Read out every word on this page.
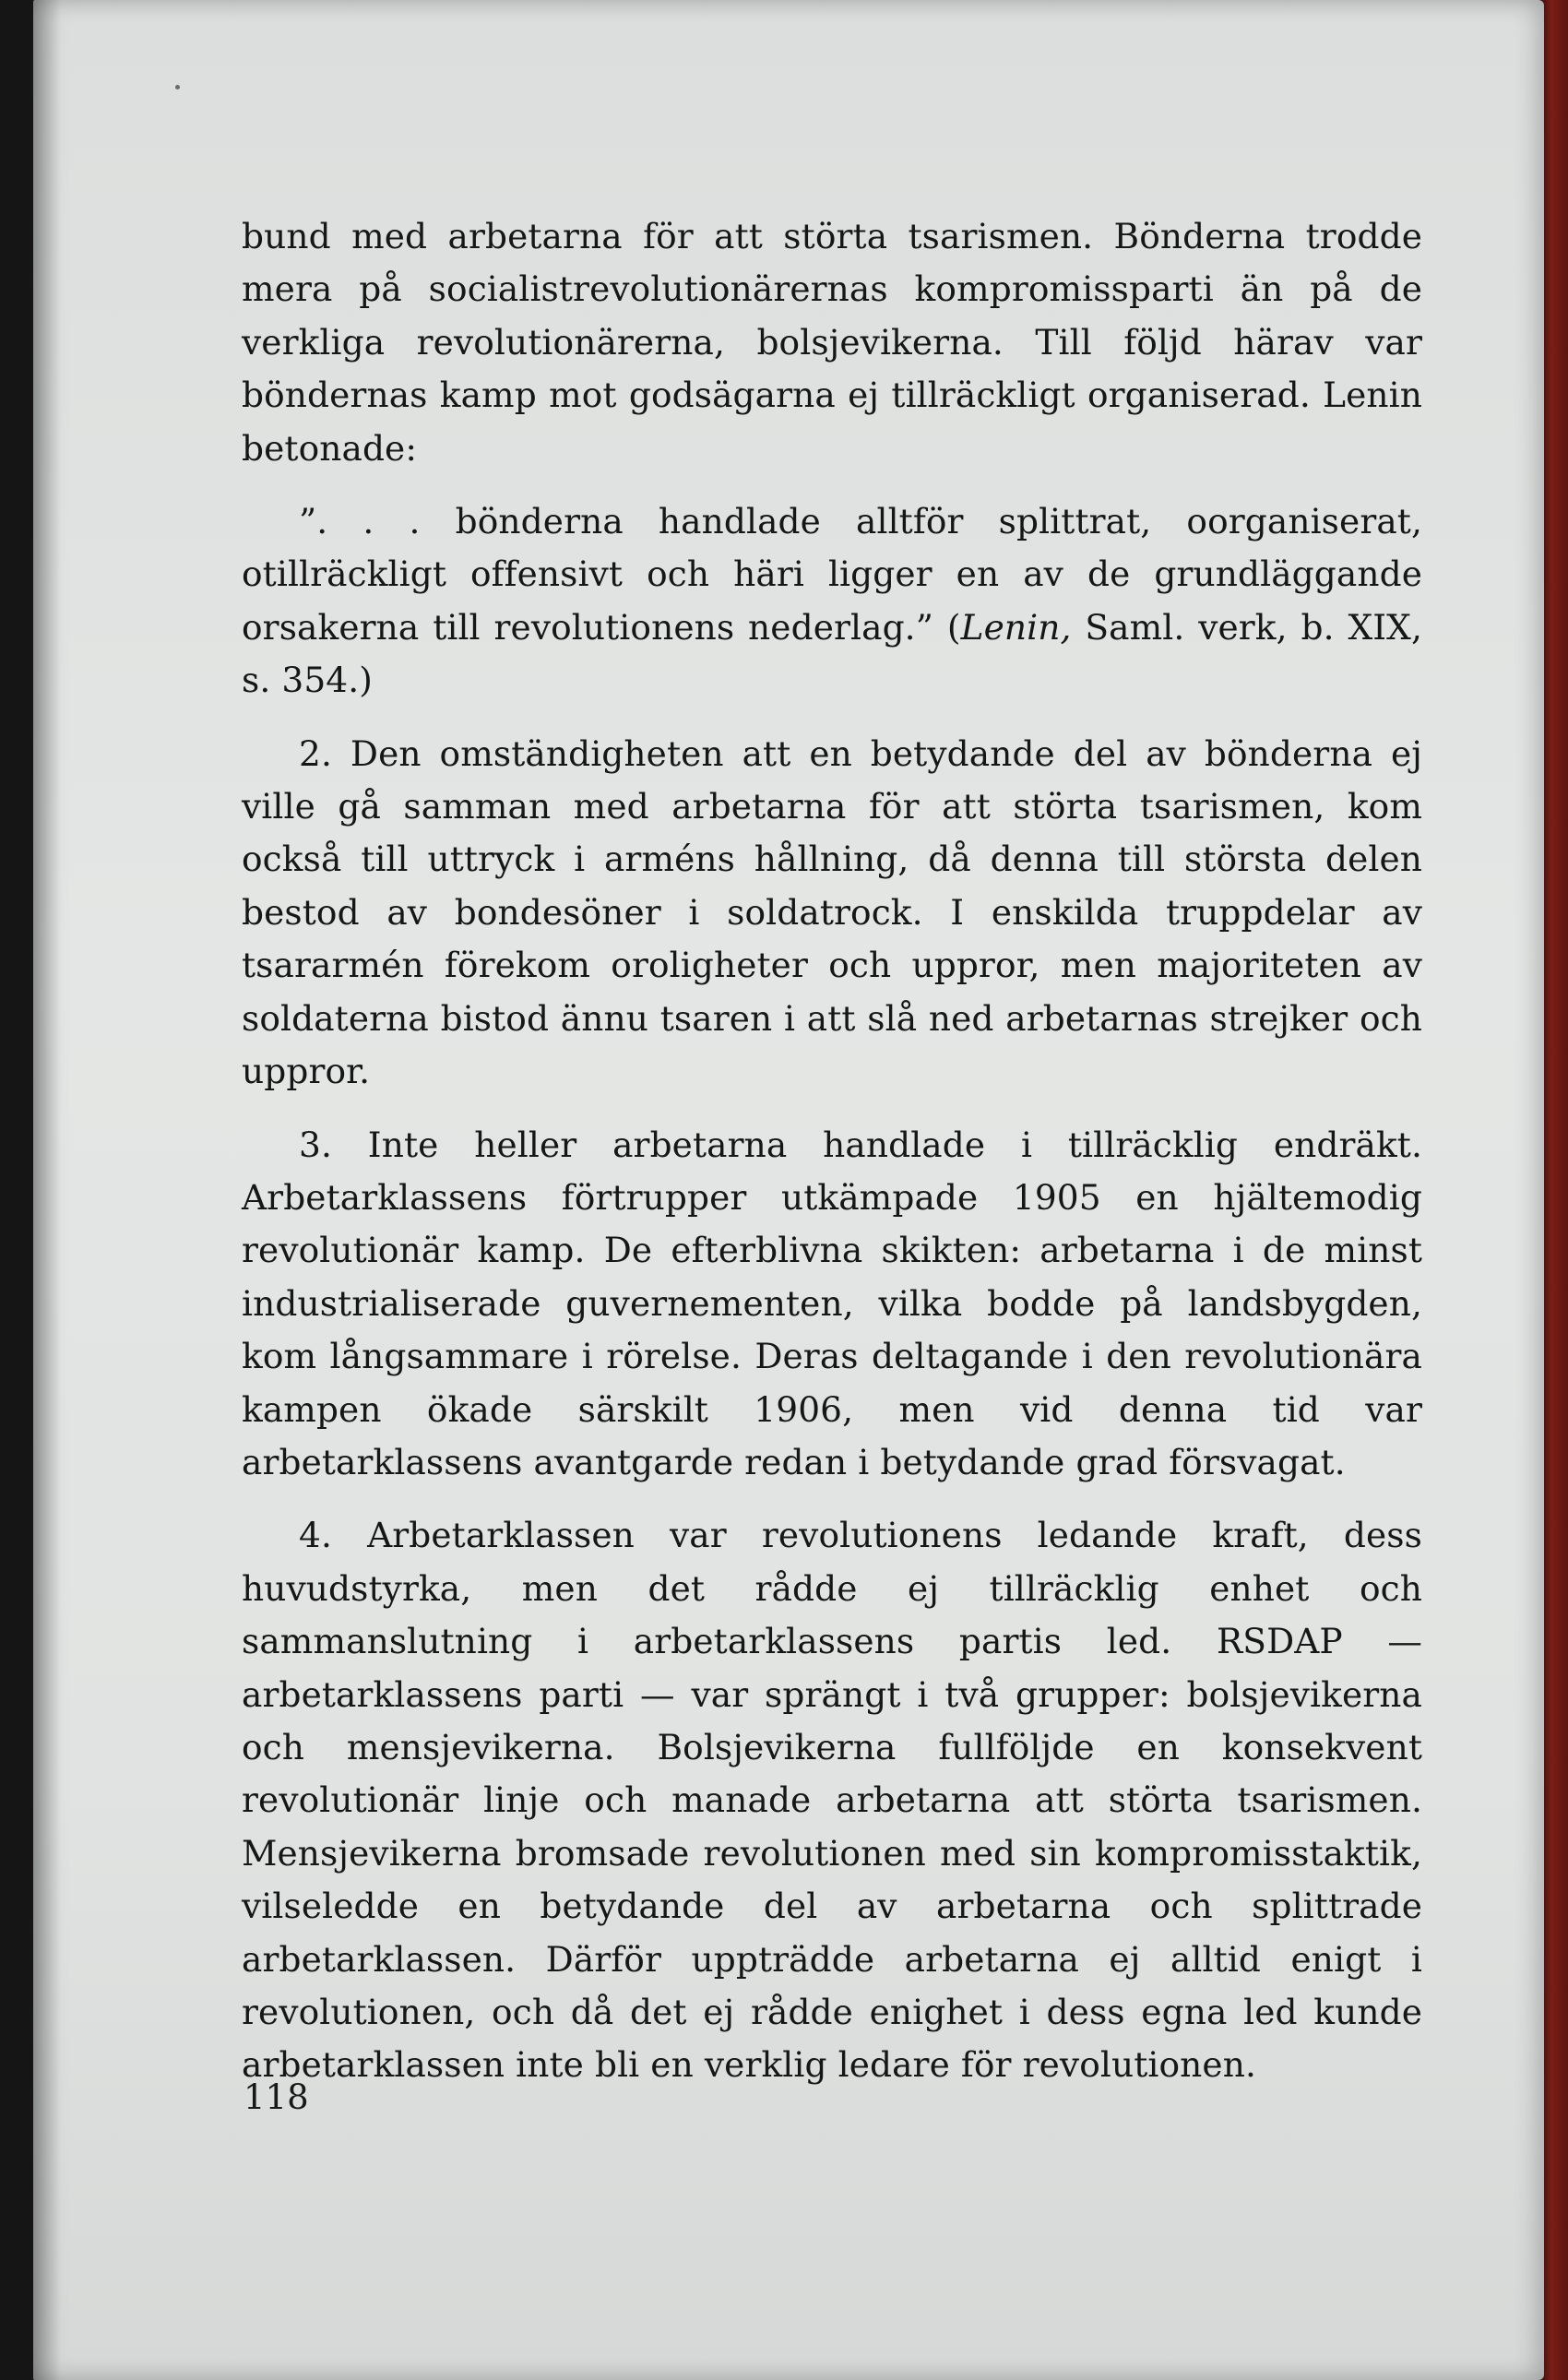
bund med arbetarna för att störta tsarismen. Bönderna trodde mera på socialistrevolutionärernas kompromissparti än på de verkliga revolutionärerna, bolsjevikerna. Till följd härav var böndernas kamp mot godsägarna ej tillräckligt organiserad. Lenin betonade:

”. . . bönderna handlade alltför splittrat, oorganiserat, otillräckligt offensivt och häri ligger en av de grundläggande orsakerna till revolutionens nederlag.” (Lenin, Saml. verk, b. XIX, s. 354.)

2. Den omständigheten att en betydande del av bönderna ej ville gå samman med arbetarna för att störta tsarismen, kom också till uttryck i arméns hållning, då denna till största delen bestod av bondesöner i soldatrock. I enskilda truppdelar av tsararmén förekom oroligheter och uppror, men majoriteten av soldaterna bistod ännu tsaren i att slå ned arbetarnas strejker och uppror.

3. Inte heller arbetarna handlade i tillräcklig endräkt. Arbetarklassens förtrupper utkämpade 1905 en hjältemodig revolutionär kamp. De efterblivna skikten: arbetarna i de minst industrialiserade guvernementen, vilka bodde på landsbygden, kom långsammare i rörelse. Deras deltagande i den revolutionära kampen ökade särskilt 1906, men vid denna tid var arbetarklassens avantgarde redan i betydande grad försvagat.

4. Arbetarklassen var revolutionens ledande kraft, dess huvudstyrka, men det rådde ej tillräcklig enhet och sammanslutning i arbetarklassens partis led. RSDAP — arbetarklassens parti — var sprängt i två grupper: bolsjevikerna och mensjevikerna. Bolsjevikerna fullföljde en konsekvent revolutionär linje och manade arbetarna att störta tsarismen. Mensjevikerna bromsade revolutionen med sin kompromisstaktik, vilseledde en betydande del av arbetarna och splittrade arbetarklassen. Därför uppträdde arbetarna ej alltid enigt i revolutionen, och då det ej rådde enighet i dess egna led kunde arbetarklassen inte bli en verklig ledare för revolutionen.

118
